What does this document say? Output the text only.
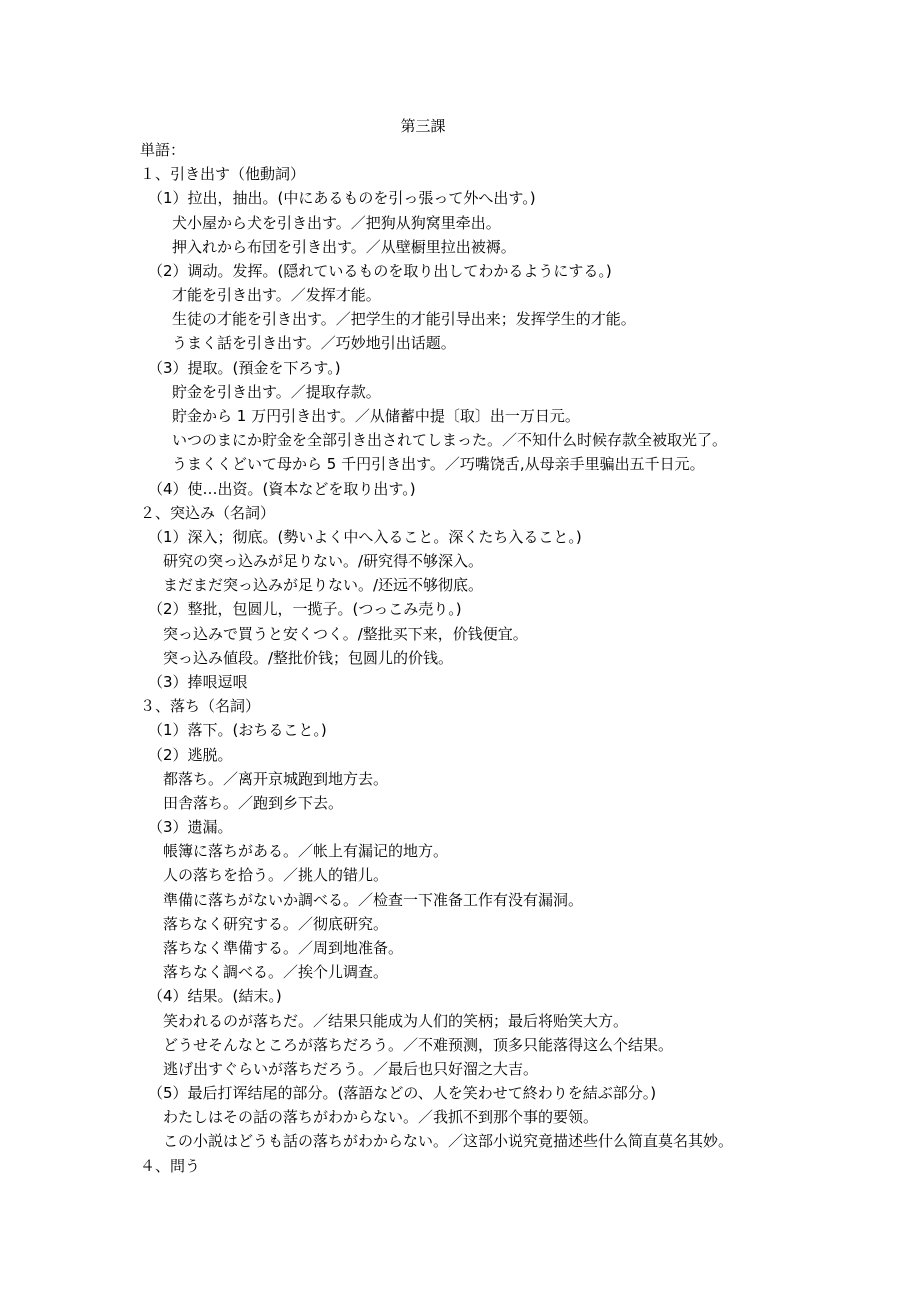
第三課
単語：
１、引き出す（他動詞）
（1）拉出，抽出。(中にあるものを引っ張って外へ出す。)
犬小屋から犬を引き出す。／把狗从狗窝里牵出。
押入れから布団を引き出す。／从壁橱里拉出被褥。
（2）调动。发挥。(隠れているものを取り出してわかるようにする。)
才能を引き出す。／发挥才能。
生徒の才能を引き出す。／把学生的才能引导出来；发挥学生的才能。
うまく話を引き出す。／巧妙地引出话题。
（3）提取。(預金を下ろす。)
貯金を引き出す。／提取存款。
貯金から 1 万円引き出す。／从储蓄中提〔取〕出一万日元。
いつのまにか貯金を全部引き出されてしまった。／不知什么时候存款全被取光了。
うまくくどいて母から 5 千円引き出す。／巧嘴饶舌,从母亲手里骗出五千日元。
（4）使…出资。(資本などを取り出す。)
２、突込み（名詞）
（1）深入；彻底。(勢いよく中へ入ること。深くたち入ること。)
研究の突っ込みが足りない。/研究得不够深入。
まだまだ突っ込みが足りない。/还远不够彻底。
（2）整批，包圆儿，一揽子。(つっこみ売り。)
突っ込みで買うと安くつく。/整批买下来，价钱便宜。
突っ込み値段。/整批价钱；包圆儿的价钱。
（3）捧哏逗哏
３、落ち（名詞）
（1）落下。(おちること。)
（2）逃脱。
都落ち。／离开京城跑到地方去。
田舎落ち。／跑到乡下去。
（3）遗漏。
帳簿に落ちがある。／帐上有漏记的地方。
人の落ちを拾う。／挑人的错儿。
準備に落ちがないか調べる。／检查一下准备工作有没有漏洞。
落ちなく研究する。／彻底研究。
落ちなく準備する。／周到地准备。
落ちなく調べる。／挨个儿调查。
（4）结果。(結末。)
笑われるのが落ちだ。／结果只能成为人们的笑柄；最后将贻笑大方。
どうせそんなところが落ちだろう。／不难预测，顶多只能落得这么个结果。
逃げ出すぐらいが落ちだろう。／最后也只好溜之大吉。
（5）最后打诨结尾的部分。(落語などの、人を笑わせて終わりを結ぶ部分。)
わたしはその話の落ちがわからない。／我抓不到那个事的要领。
この小説はどうも話の落ちがわからない。／这部小说究竟描述些什么简直莫名其妙。
４、問う
